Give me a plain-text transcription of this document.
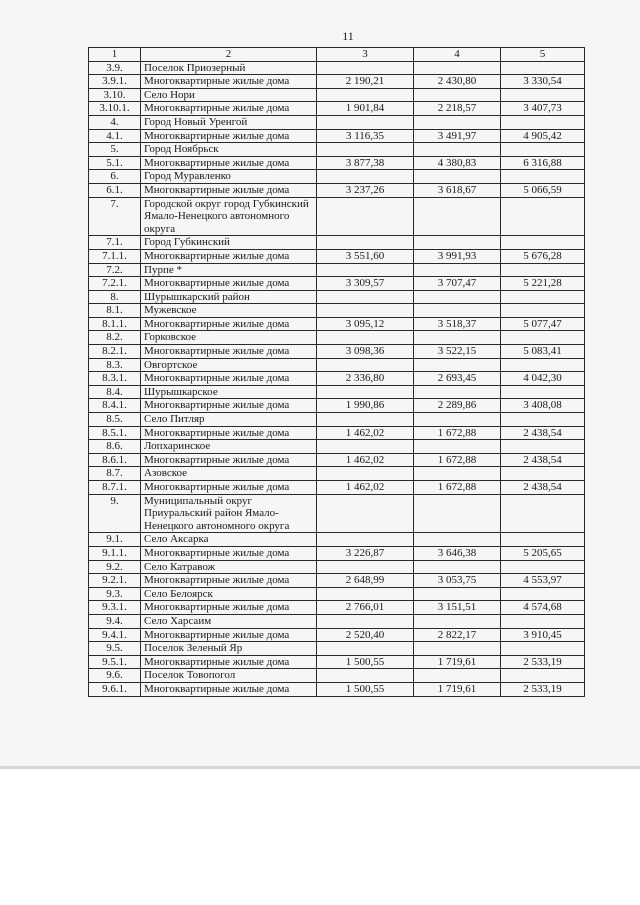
11
1	2	3	4	5
3.9.	Поселок Приозерный			
3.9.1.	Многоквартирные жилые дома	2 190,21	2 430,80	3 330,54
3.10.	Село Нори			
3.10.1.	Многоквартирные жилые дома	1 901,84	2 218,57	3 407,73
4.	Город Новый Уренгой			
4.1.	Многоквартирные жилые дома	3 116,35	3 491,97	4 905,42
5.	Город Ноябрьск			
5.1.	Многоквартирные жилые дома	3 877,38	4 380,83	6 316,88
6.	Город Муравленко			
6.1.	Многоквартирные жилые дома	3 237,26	3 618,67	5 066,59
7.	Городской округ город Губкинский Ямало-Ненецкого автономного округа			
7.1.	Город Губкинский			
7.1.1.	Многоквартирные жилые дома	3 551,60	3 991,93	5 676,28
7.2.	Пурпе *			
7.2.1.	Многоквартирные жилые дома	3 309,57	3 707,47	5 221,28
8.	Шурышкарский район			
8.1.	Мужевское			
8.1.1.	Многоквартирные жилые дома	3 095,12	3 518,37	5 077,47
8.2.	Горковское			
8.2.1.	Многоквартирные жилые дома	3 098,36	3 522,15	5 083,41
8.3.	Овгортское			
8.3.1.	Многоквартирные жилые дома	2 336,80	2 693,45	4 042,30
8.4.	Шурышкарское			
8.4.1.	Многоквартирные жилые дома	1 990,86	2 289,86	3 408,08
8.5.	Село Питляр			
8.5.1.	Многоквартирные жилые дома	1 462,02	1 672,88	2 438,54
8.6.	Лопхаринское			
8.6.1.	Многоквартирные жилые дома	1 462,02	1 672,88	2 438,54
8.7.	Азовское			
8.7.1.	Многоквартирные жилые дома	1 462,02	1 672,88	2 438,54
9.	Муниципальный округ Приуральский район Ямало-Ненецкого автономного округа			
9.1.	Село Аксарка			
9.1.1.	Многоквартирные жилые дома	3 226,87	3 646,38	5 205,65
9.2.	Село Катравож			
9.2.1.	Многоквартирные жилые дома	2 648,99	3 053,75	4 553,97
9.3.	Село Белоярск			
9.3.1.	Многоквартирные жилые дома	2 766,01	3 151,51	4 574,68
9.4.	Село Харсаим			
9.4.1.	Многоквартирные жилые дома	2 520,40	2 822,17	3 910,45
9.5.	Поселок Зеленый Яр			
9.5.1.	Многоквартирные жилые дома	1 500,55	1 719,61	2 533,19
9.6.	Поселок Товопогол			
9.6.1.	Многоквартирные жилые дома	1 500,55	1 719,61	2 533,19
